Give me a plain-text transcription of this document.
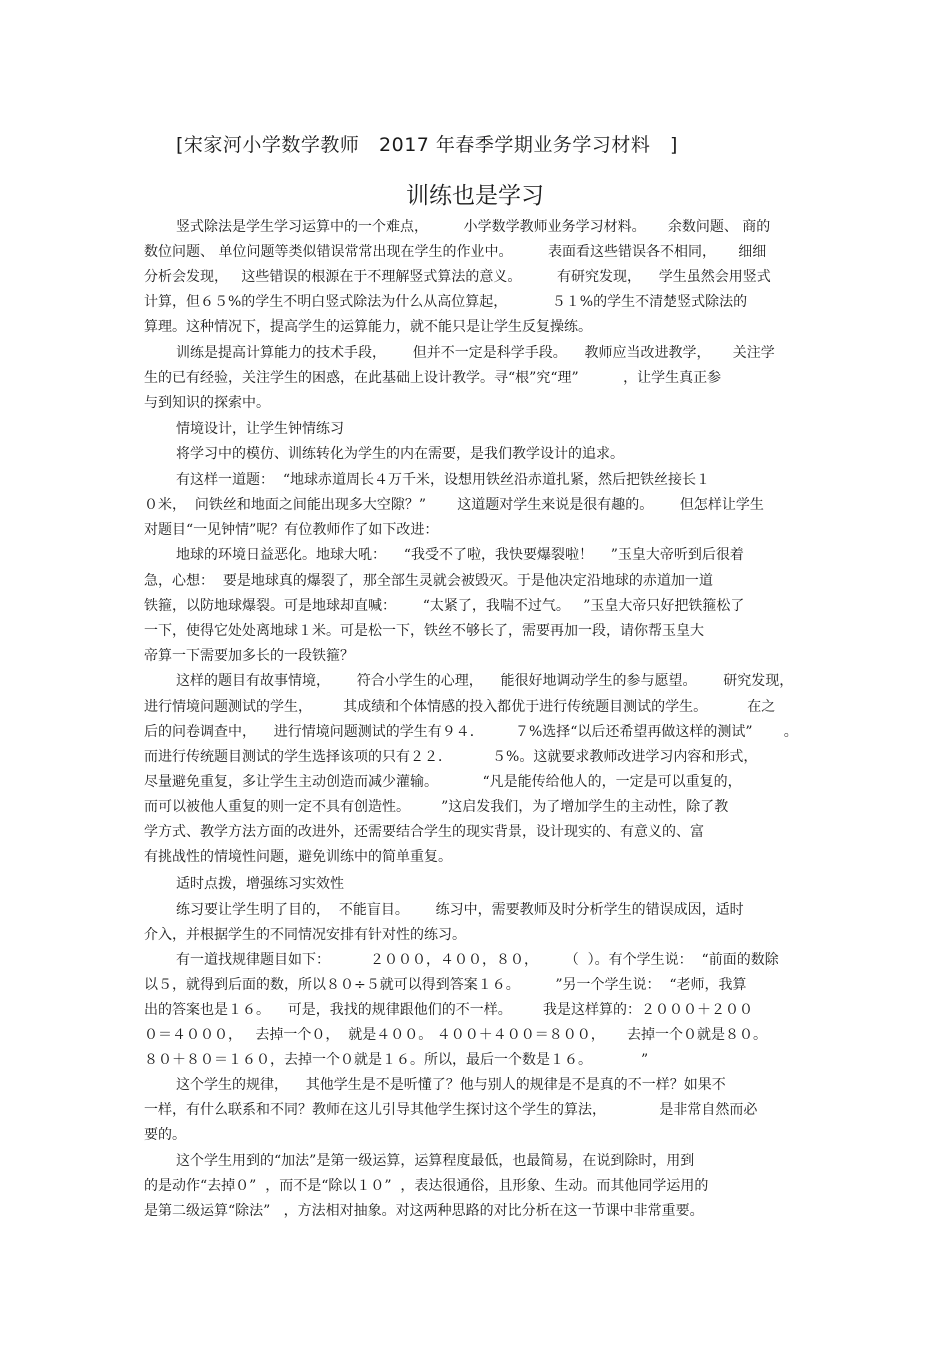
[宋家河小学数学教师   2017 年春季学期业务学习材料   ]
训练也是学习
竖式除法是学生学习运算中的一个难点，        小学数学教师业务学习材料。     余数问题、 商的
数位问题、 单位问题等类似错误常常出现在学生的作业中。        表面看这些错误各不相同，     细细
分析会发现，   这些错误的根源在于不理解竖式算法的意义。        有研究发现，    学生虽然会用竖式
计算，但６５%的学生不明白竖式除法为什么从高位算起，          ５１%的学生不清楚竖式除法的
算理。这种情况下，提高学生的运算能力，就不能只是让学生反复操练。
训练是提高计算能力的技术手段，      但并不一定是科学手段。    教师应当改进教学，     关注学
生的已有经验，关注学生的困惑，在此基础上设计教学。寻“根”究“理”          ，让学生真正参
与到知识的探索中。
情境设计，让学生钟情练习
将学习中的模仿、训练转化为学生的内在需要，是我们教学设计的追求。
有这样一道题：  “地球赤道周长４万千米，设想用铁丝沿赤道扎紧，然后把铁丝接长１
０米，  问铁丝和地面之间能出现多大空隙？”       这道题对学生来说是很有趣的。      但怎样让学生
对题目“一见钟情”呢？有位教师作了如下改进：
地球的环境日益恶化。地球大吼：    “我受不了啦，我快要爆裂啦！    ”玉皇大帝听到后很着
急，心想：  要是地球真的爆裂了，那全部生灵就会被毁灭。于是他决定沿地球的赤道加一道
铁箍，以防地球爆裂。可是地球却直喊：      “太紧了，我喘不过气。   ”玉皇大帝只好把铁箍松了
一下，使得它处处离地球１米。可是松一下，铁丝不够长了，需要再加一段，请你帮玉皇大
帝算一下需要加多长的一段铁箍？
这样的题目有故事情境，      符合小学生的心理，    能很好地调动学生的参与愿望。      研究发现，
进行情境问题测试的学生，       其成绩和个体情感的投入都优于进行传统题目测试的学生。         在之
后的问卷调查中，    进行情境问题测试的学生有９４．       ７%选择“以后还希望再做这样的测试”       。
而进行传统题目测试的学生选择该项的只有２２．         ５%。这就要求教师改进学习内容和形式，
尽量避免重复，多让学生主动创造而减少灌输。          “凡是能传给他人的，一定是可以重复的，
而可以被他人重复的则一定不具有创造性。       ”这启发我们，为了增加学生的主动性，除了教
学方式、教学方法方面的改进外，还需要结合学生的现实背景，设计现实的、有意义的、富
有挑战性的情境性问题，避免训练中的简单重复。
适时点拨，增强练习实效性
练习要让学生明了目的，  不能盲目。      练习中，需要教师及时分析学生的错误成因，适时
介入，并根据学生的不同情况安排有针对性的练习。
有一道找规律题目如下：         ２０００，４００，８０，      （  ）。有个学生说：  “前面的数除
以５，就得到后面的数，所以８０÷５就可以得到答案１６。        ”另一个学生说：  “老师，我算
出的答案也是１６。    可是，我找的规律跟他们的不一样。       我是这样算的：２０００＋２００
０＝４０００，   去掉一个０，  就是４００。 ４００＋４００＝８００，     去掉一个０就是８０。
８０＋８０＝１６０，去掉一个０就是１６。所以，最后一个数是１６。           ”
这个学生的规律，    其他学生是不是听懂了？他与别人的规律是不是真的不一样？如果不
一样，有什么联系和不同？教师在这儿引导其他学生探讨这个学生的算法，            是非常自然而必
要的。
这个学生用到的“加法”是第一级运算，运算程度最低，也最简易，在说到除时，用到
的是动作“去掉０”  ，而不是“除以１０”  ，表达很通俗，且形象、生动。而其他同学运用的
是第二级运算“除法”   ，方法相对抽象。对这两种思路的对比分析在这一节课中非常重要。
